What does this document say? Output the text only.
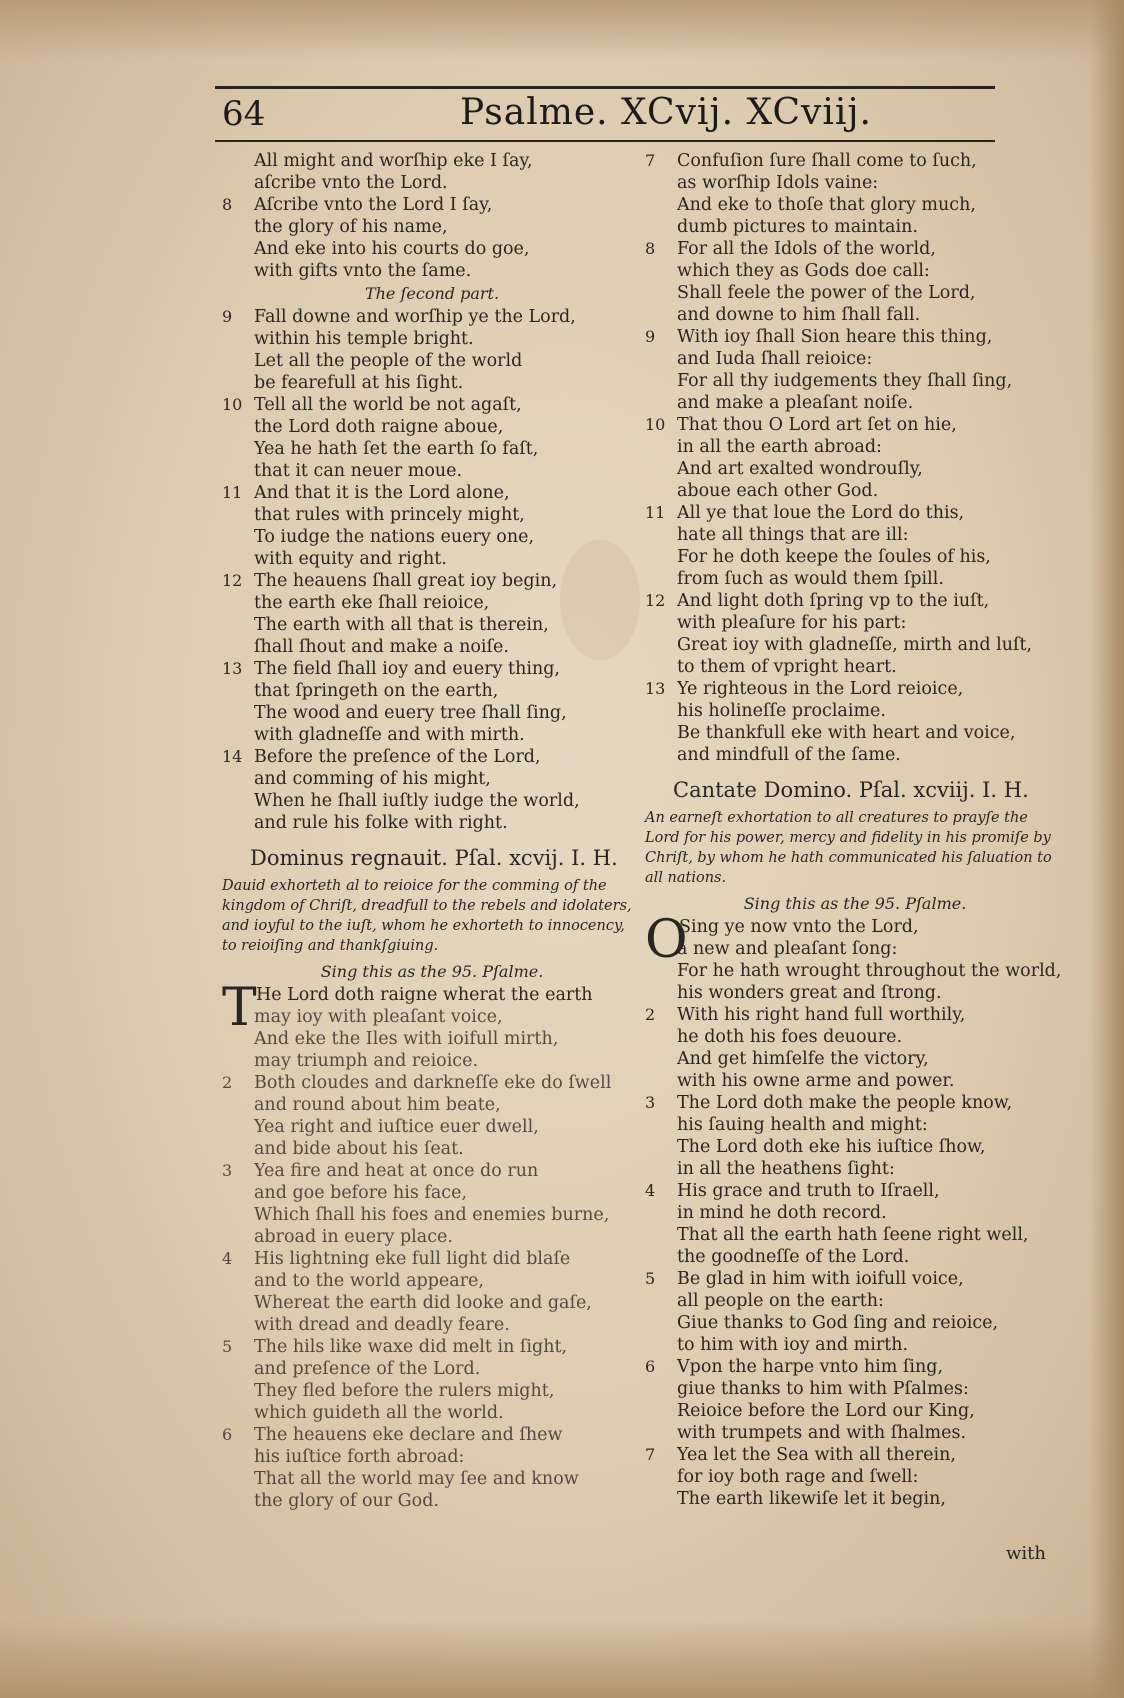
64	Psalme. XCvij. XCviij.
All might and worſhip eke I ſay,
aſcribe vnto the Lord.
8 Aſcribe vnto the Lord I ſay,
the glory of his name,
And eke into his courts do goe,
with gifts vnto the ſame.
The ſecond part.
9 Fall downe and worſhip ye the Lord,
within his temple bright.
Let all the people of the world
be fearefull at his ſight.
10 Tell all the world be not agaſt,
the Lord doth raigne aboue,
Yea he hath ſet the earth ſo faſt,
that it can neuer moue.
11 And that it is the Lord alone,
that rules with princely might,
To iudge the nations euery one,
with equity and right.
12 The heauens ſhall great ioy begin,
the earth eke ſhall reioice,
The earth with all that is therein,
ſhall ſhout and make a noiſe.
13 The field ſhall ioy and euery thing,
that ſpringeth on the earth,
The wood and euery tree ſhall ſing,
with gladneſſe and with mirth.
14 Before the preſence of the Lord,
and comming of his might,
When he ſhall iuſtly iudge the world,
and rule his folke with right.
Dominus regnauit. Pſal. xcvij. I. H.
Dauid exhorteth al to reioice for the comming of the kingdom of Chriſt, dreadfull to the rebels and idolaters, and ioyful to the iuſt, whom he exhorteth to innocency, to reioiſing and thankſgiuing.
Sing this as the 95. Pſalme.
T He Lord doth raigne wherat the earth
may ioy with pleaſant voice,
And eke the Iles with ioifull mirth,
may triumph and reioice.
2 Both cloudes and darkneſſe eke do ſwell
and round about him beate,
Yea right and iuſtice euer dwell,
and bide about his ſeat.
3 Yea fire and heat at once do run
and goe before his face,
Which ſhall his foes and enemies burne,
abroad in euery place.
4 His lightning eke full light did blaſe
and to the world appeare,
Whereat the earth did looke and gaſe,
with dread and deadly feare.
5 The hils like waxe did melt in ſight,
and preſence of the Lord.
They fled before the rulers might,
which guideth all the world.
6 The heauens eke declare and ſhew
his iuſtice forth abroad:
That all the world may ſee and know
the glory of our God.
7 Confuſion ſure ſhall come to ſuch,
as worſhip Idols vaine:
And eke to thoſe that glory much,
dumb pictures to maintain.
8 For all the Idols of the world,
which they as Gods doe call:
Shall feele the power of the Lord,
and downe to him ſhall fall.
9 With ioy ſhall Sion heare this thing,
and Iuda ſhall reioice:
For all thy iudgements they ſhall ſing,
and make a pleaſant noiſe.
10 That thou O Lord art ſet on hie,
in all the earth abroad:
And art exalted wondrouſly,
aboue each other God.
11 All ye that loue the Lord do this,
hate all things that are ill:
For he doth keepe the ſoules of his,
from ſuch as would them ſpill.
12 And light doth ſpring vp to the iuſt,
with pleaſure for his part:
Great ioy with gladneſſe, mirth and luſt,
to them of vpright heart.
13 Ye righteous in the Lord reioice,
his holineſſe proclaime.
Be thankfull eke with heart and voice,
and mindfull of the ſame.
Cantate Domino. Pſal. xcviij. I. H.
An earneſt exhortation to all creatures to prayſe the Lord for his power, mercy and fidelity in his promiſe by Chriſt, by whom he hath communicated his ſaluation to all nations.
Sing this as the 95. Pſalme.
O
Sing ye now vnto the Lord,
a new and pleaſant ſong:
For he hath wrought throughout the world,
his wonders great and ſtrong.
2 With his right hand full worthily,
he doth his foes deuoure.
And get himſelfe the victory,
with his owne arme and power.
3 The Lord doth make the people know,
his ſauing health and might:
The Lord doth eke his iuſtice ſhow,
in all the heathens ſight:
4 His grace and truth to Iſraell,
in mind he doth record.
That all the earth hath ſeene right well,
the goodneſſe of the Lord.
5 Be glad in him with ioifull voice,
all people on the earth:
Giue thanks to God ſing and reioice,
to him with ioy and mirth.
6 Vpon the harpe vnto him ſing,
giue thanks to him with Pſalmes:
Reioice before the Lord our King,
with trumpets and with ſhalmes.
7 Yea let the Sea with all therein,
for ioy both rage and ſwell:
The earth likewiſe let it begin,
with
